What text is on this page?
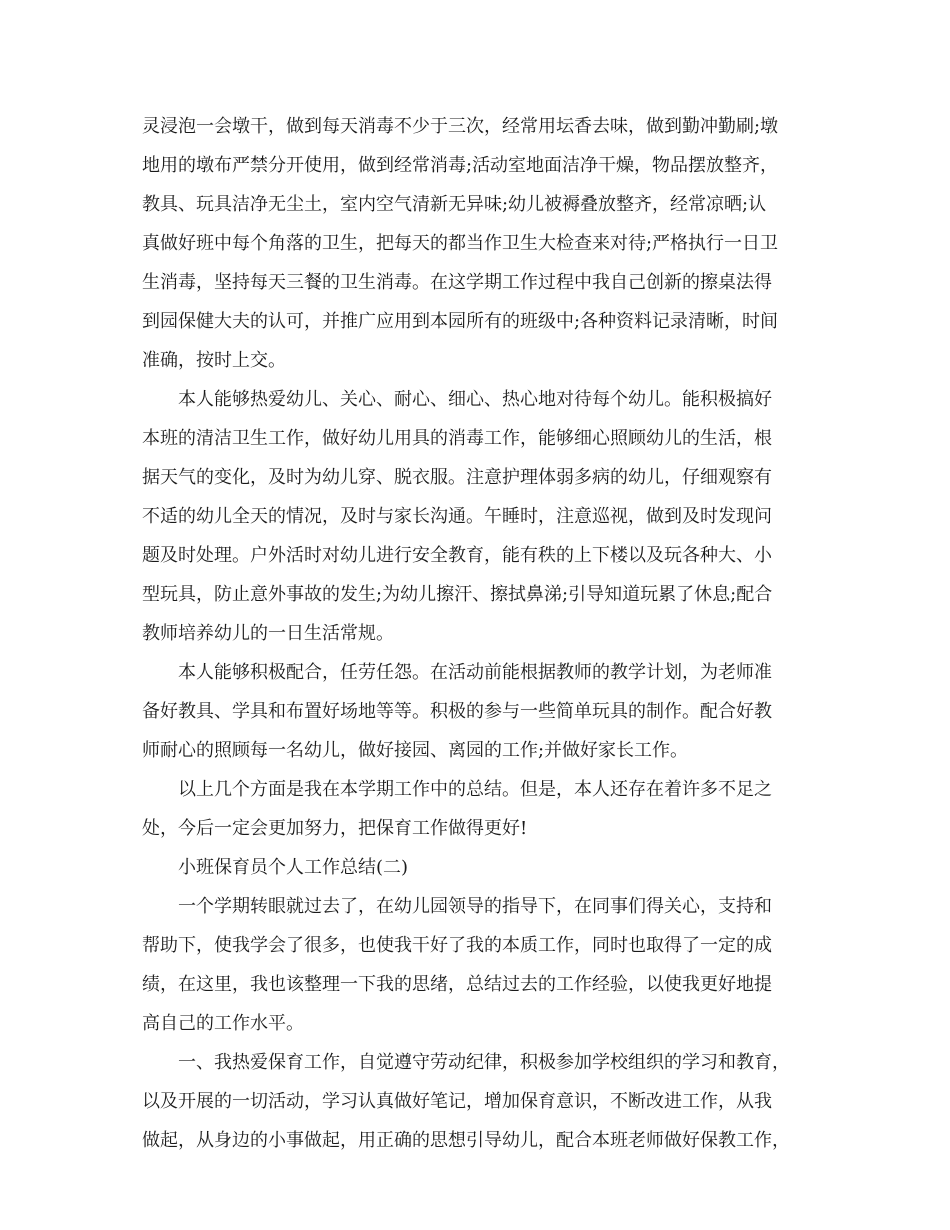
灵浸泡一会墩干，做到每天消毒不少于三次，经常用坛香去味，做到勤冲勤刷;墩
地用的墩布严禁分开使用，做到经常消毒;活动室地面洁净干燥，物品摆放整齐，
教具、玩具洁净无尘土，室内空气清新无异味;幼儿被褥叠放整齐，经常凉晒;认
真做好班中每个角落的卫生，把每天的都当作卫生大检查来对待;严格执行一日卫
生消毒，坚持每天三餐的卫生消毒。在这学期工作过程中我自己创新的擦桌法得
到园保健大夫的认可，并推广应用到本园所有的班级中;各种资料记录清晰，时间
准确，按时上交。
本人能够热爱幼儿、关心、耐心、细心、热心地对待每个幼儿。能积极搞好
本班的清洁卫生工作，做好幼儿用具的消毒工作，能够细心照顾幼儿的生活，根
据天气的变化，及时为幼儿穿、脱衣服。注意护理体弱多病的幼儿，仔细观察有
不适的幼儿全天的情况，及时与家长沟通。午睡时，注意巡视，做到及时发现问
题及时处理。户外活时对幼儿进行安全教育，能有秩的上下楼以及玩各种大、小
型玩具，防止意外事故的发生;为幼儿擦汗、擦拭鼻涕;引导知道玩累了休息;配合
教师培养幼儿的一日生活常规。
本人能够积极配合，任劳任怨。在活动前能根据教师的教学计划，为老师准
备好教具、学具和布置好场地等等。积极的参与一些简单玩具的制作。配合好教
师耐心的照顾每一名幼儿，做好接园、离园的工作;并做好家长工作。
以上几个方面是我在本学期工作中的总结。但是，本人还存在着许多不足之
处，今后一定会更加努力，把保育工作做得更好!
小班保育员个人工作总结(二)
一个学期转眼就过去了，在幼儿园领导的指导下，在同事们得关心，支持和
帮助下，使我学会了很多，也使我干好了我的本质工作，同时也取得了一定的成
绩，在这里，我也该整理一下我的思绪，总结过去的工作经验，以使我更好地提
高自己的工作水平。
一、我热爱保育工作，自觉遵守劳动纪律，积极参加学校组织的学习和教育，
以及开展的一切活动，学习认真做好笔记，增加保育意识，不断改进工作，从我
做起，从身边的小事做起，用正确的思想引导幼儿，配合本班老师做好保教工作，
